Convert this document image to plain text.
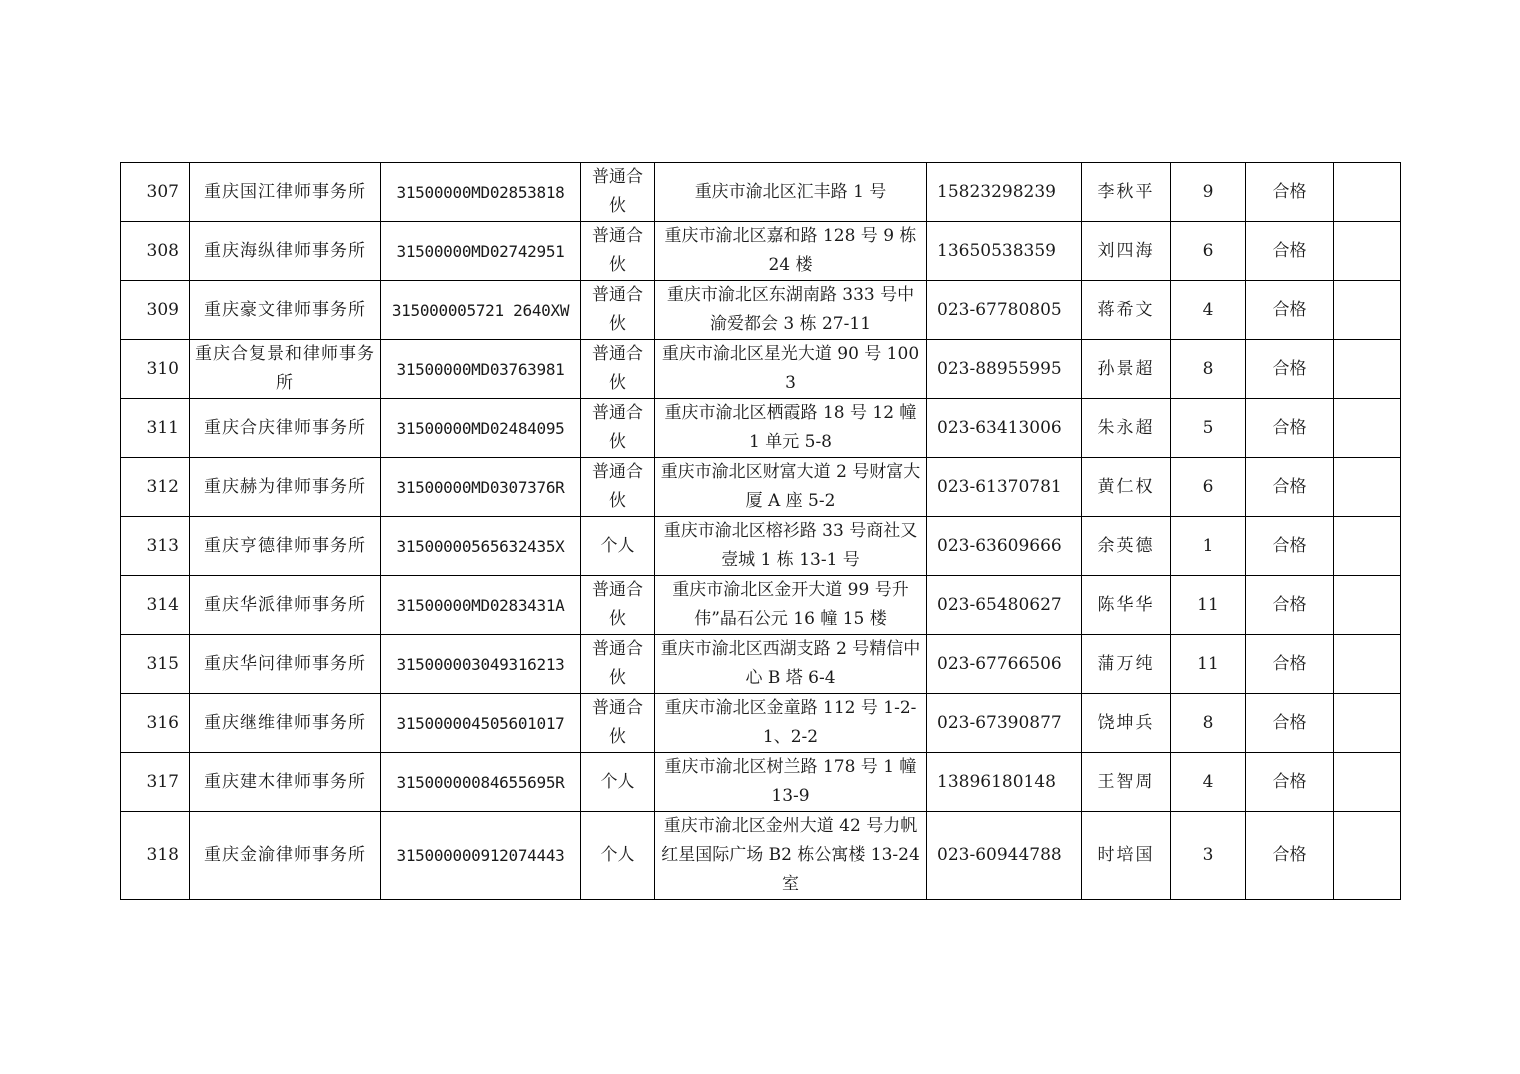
307	重庆国江律师事务所	31500000MD02853818	普通合伙	重庆市渝北区汇丰路 1 号	15823298239	李秋平	9	合格	
308	重庆海纵律师事务所	31500000MD02742951	普通合伙	重庆市渝北区嘉和路 128 号 9 栋 24 楼	13650538359	刘四海	6	合格	
309	重庆豪文律师事务所	315000005721 2640XW	普通合伙	重庆市渝北区东湖南路 333 号中渝爱都会 3 栋 27-11	023-67780805	蒋希文	4	合格	
310	重庆合复景和律师事务所	31500000MD03763981	普通合伙	重庆市渝北区星光大道 90 号 1003	023-88955995	孙景超	8	合格	
311	重庆合庆律师事务所	31500000MD02484095	普通合伙	重庆市渝北区栖霞路 18 号 12 幢 1 单元 5-8	023-63413006	朱永超	5	合格	
312	重庆赫为律师事务所	31500000MD0307376R	普通合伙	重庆市渝北区财富大道 2 号财富大厦 A 座 5-2	023-61370781	黄仁权	6	合格	
313	重庆亨德律师事务所	31500000565632435X	个人	重庆市渝北区榕衫路 33 号商社又壹城 1 栋 13-1 号	023-63609666	余英德	1	合格	
314	重庆华派律师事务所	31500000MD0283431A	普通合伙	重庆市渝北区金开大道 99 号升伟”晶石公元 16 幢 15 楼	023-65480627	陈华华	11	合格	
315	重庆华问律师事务所	315000003049316213	普通合伙	重庆市渝北区西湖支路 2 号精信中心 B 塔 6-4	023-67766506	蒲万纯	11	合格	
316	重庆继维律师事务所	315000004505601017	普通合伙	重庆市渝北区金童路 112 号 1-2-1、2-2	023-67390877	饶坤兵	8	合格	
317	重庆建木律师事务所	31500000084655695R	个人	重庆市渝北区树兰路 178 号 1 幢 13-9	13896180148	王智周	4	合格	
318	重庆金渝律师事务所	315000000912074443	个人	重庆市渝北区金州大道 42 号力帆红星国际广场 B2 栋公寓楼 13-24 室	023-60944788	时培国	3	合格	
